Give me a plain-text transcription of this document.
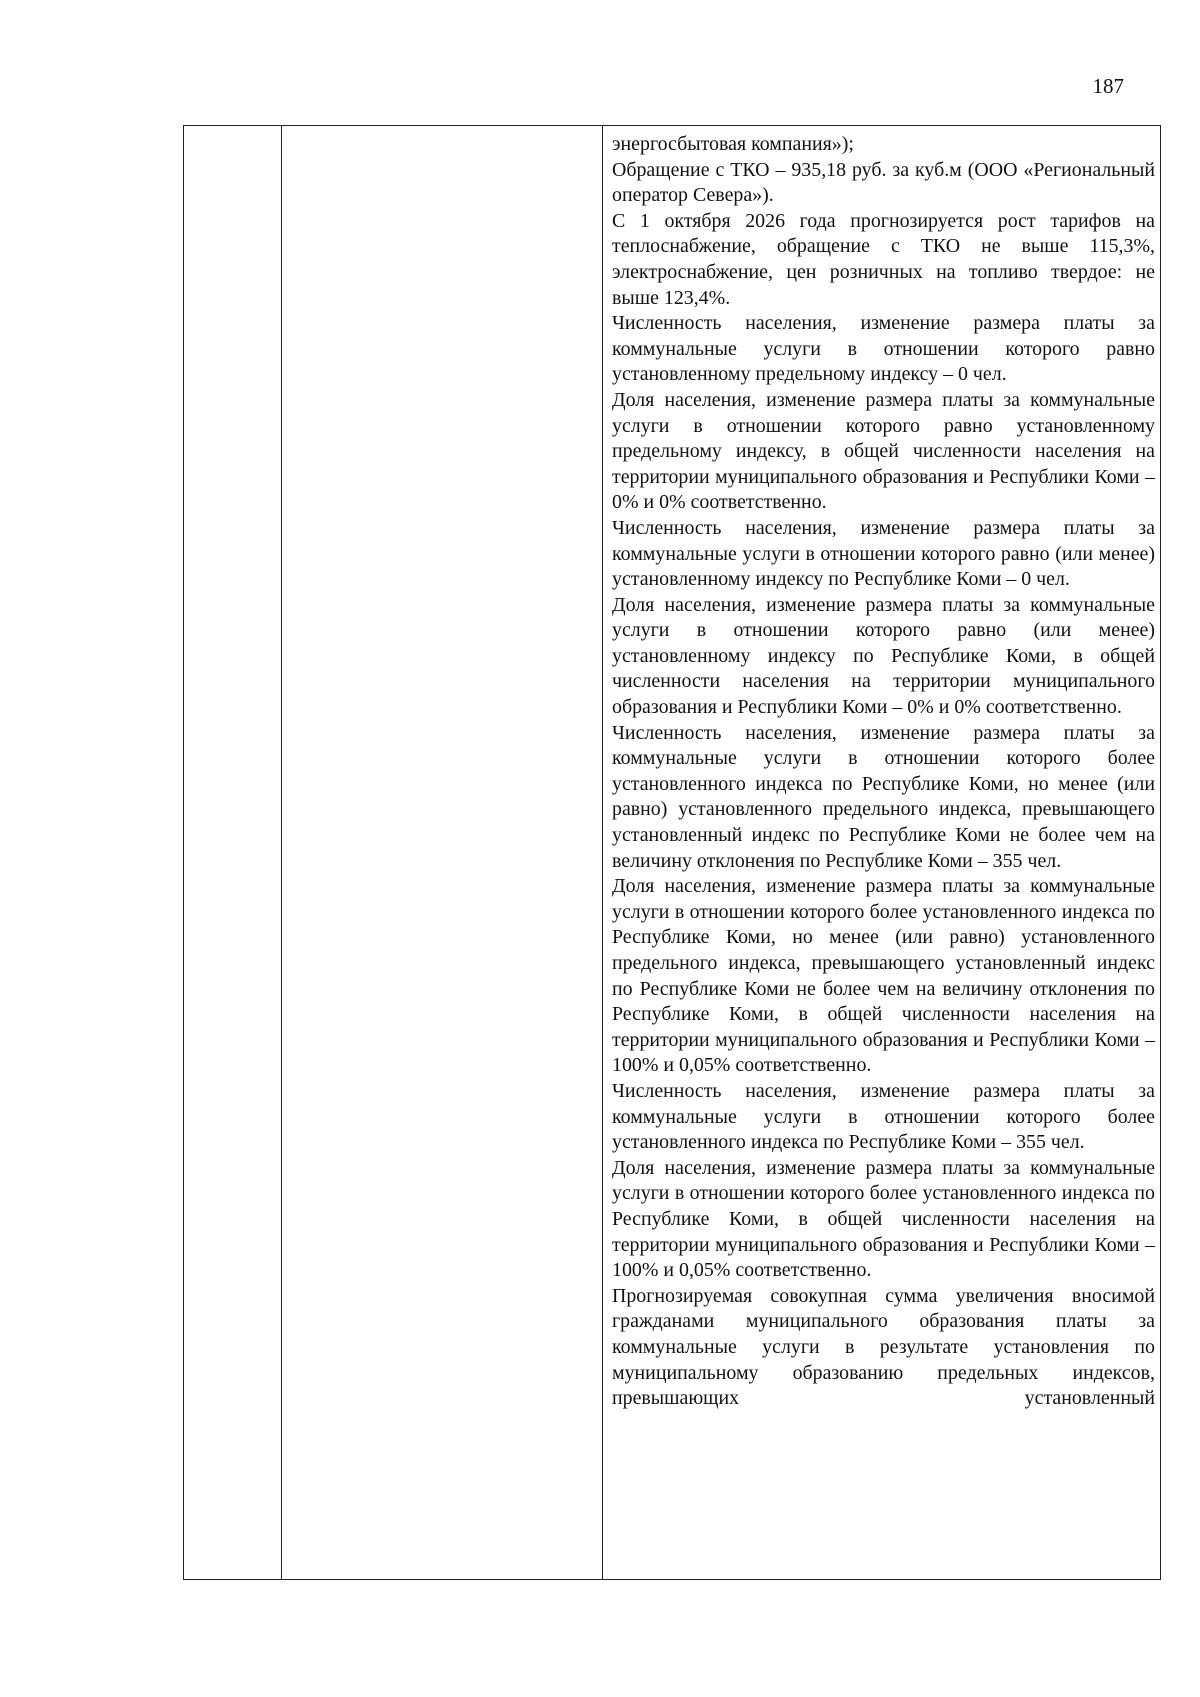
187

энергосбытовая компания»);

Обращение с ТКО – 935,18 руб. за куб.м (ООО «Региональный оператор Севера»).

С 1 октября 2026 года прогнозируется рост тарифов на теплоснабжение, обращение с ТКО не выше 115,3%, электроснабжение, цен розничных на топливо твердое: не выше 123,4%.

Численность населения, изменение размера платы за коммунальные услуги в отношении которого равно установленному предельному индексу – 0 чел.

Доля населения, изменение размера платы за коммунальные услуги в отношении которого равно установленному предельному индексу, в общей численности населения на территории муниципального образования и Республики Коми – 0% и 0% соответственно.

Численность населения, изменение размера платы за коммунальные услуги в отношении которого равно (или менее) установленному индексу по Республике Коми – 0 чел.

Доля населения, изменение размера платы за коммунальные услуги в отношении которого равно (или менее) установленному индексу по Республике Коми, в общей численности населения на территории муниципального образования и Республики Коми – 0% и 0% соответственно.

Численность населения, изменение размера платы за коммунальные услуги в отношении которого более установленного индекса по Республике Коми, но менее (или равно) установленного предельного индекса, превышающего установленный индекс по Республике Коми не более чем на величину отклонения по Республике Коми – 355 чел.

Доля населения, изменение размера платы за коммунальные услуги в отношении которого более установленного индекса по Республике Коми, но менее (или равно) установленного предельного индекса, превышающего установленный индекс по Республике Коми не более чем на величину отклонения по Республике Коми, в общей численности населения на территории муниципального образования и Республики Коми – 100% и 0,05% соответственно.

Численность населения, изменение размера платы за коммунальные услуги в отношении которого более установленного индекса по Республике Коми – 355 чел.

Доля населения, изменение размера платы за коммунальные услуги в отношении которого более установленного индекса по Республике Коми, в общей численности населения на территории муниципального образования и Республики Коми – 100% и 0,05% соответственно.

Прогнозируемая совокупная сумма увеличения вносимой гражданами муниципального образования платы за коммунальные услуги в результате установления по муниципальному образованию предельных индексов, превышающих установленный
